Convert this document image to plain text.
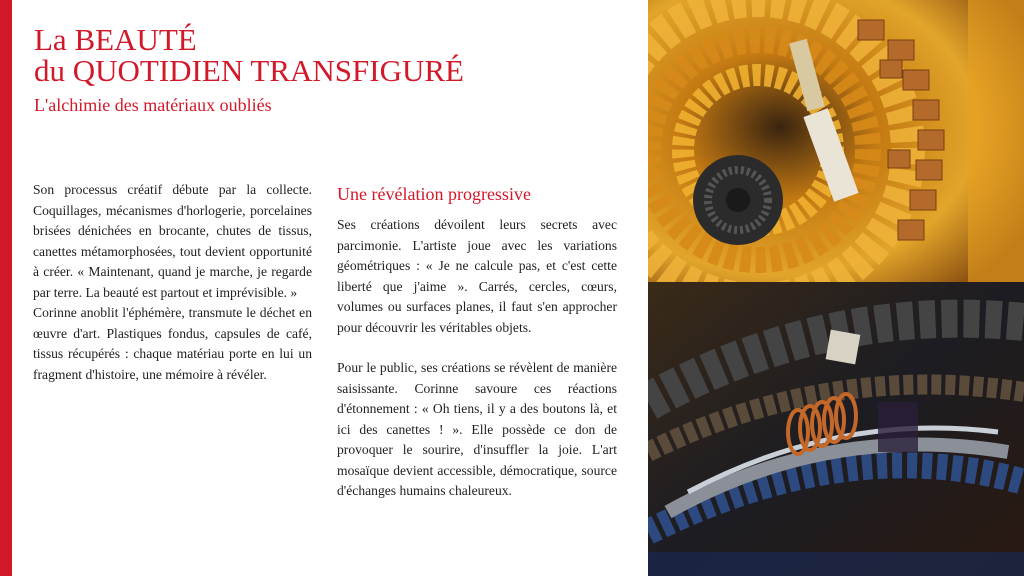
La BEAUTÉ
du QUOTIDIEN TRANSFIGURÉ

L'alchimie des matériaux oubliés

Son processus créatif débute par la collecte. Coquillages, mécanismes d'horlogerie, porcelaines brisées dénichées en brocante, chutes de tissus, canettes métamorphosées, tout devient opportunité à créer. « Maintenant, quand je marche, je regarde par terre. La beauté est partout et imprévisible. »

Corinne anoblit l'éphémère, transmute le déchet en œuvre d'art. Plastiques fondus, capsules de café, tissus récupérés : chaque matériau porte en lui un fragment d'histoire, une mémoire à révéler.

Une révélation progressive

Ses créations dévoilent leurs secrets avec parcimonie. L'artiste joue avec les variations géométriques : « Je ne calcule pas, et c'est cette liberté que j'aime ». Carrés, cercles, cœurs, volumes ou surfaces planes, il faut s'en approcher pour découvrir les véritables objets.

Pour le public, ses créations se révèlent de manière saisissante. Corinne savoure ces réactions d'étonnement : « Oh tiens, il y a des boutons là, et ici des canettes ! ». Elle possède ce don de provoquer le sourire, d'insuffler la joie. L'art mosaïque devient accessible, démocratique, source d'échanges humains chaleureux.
